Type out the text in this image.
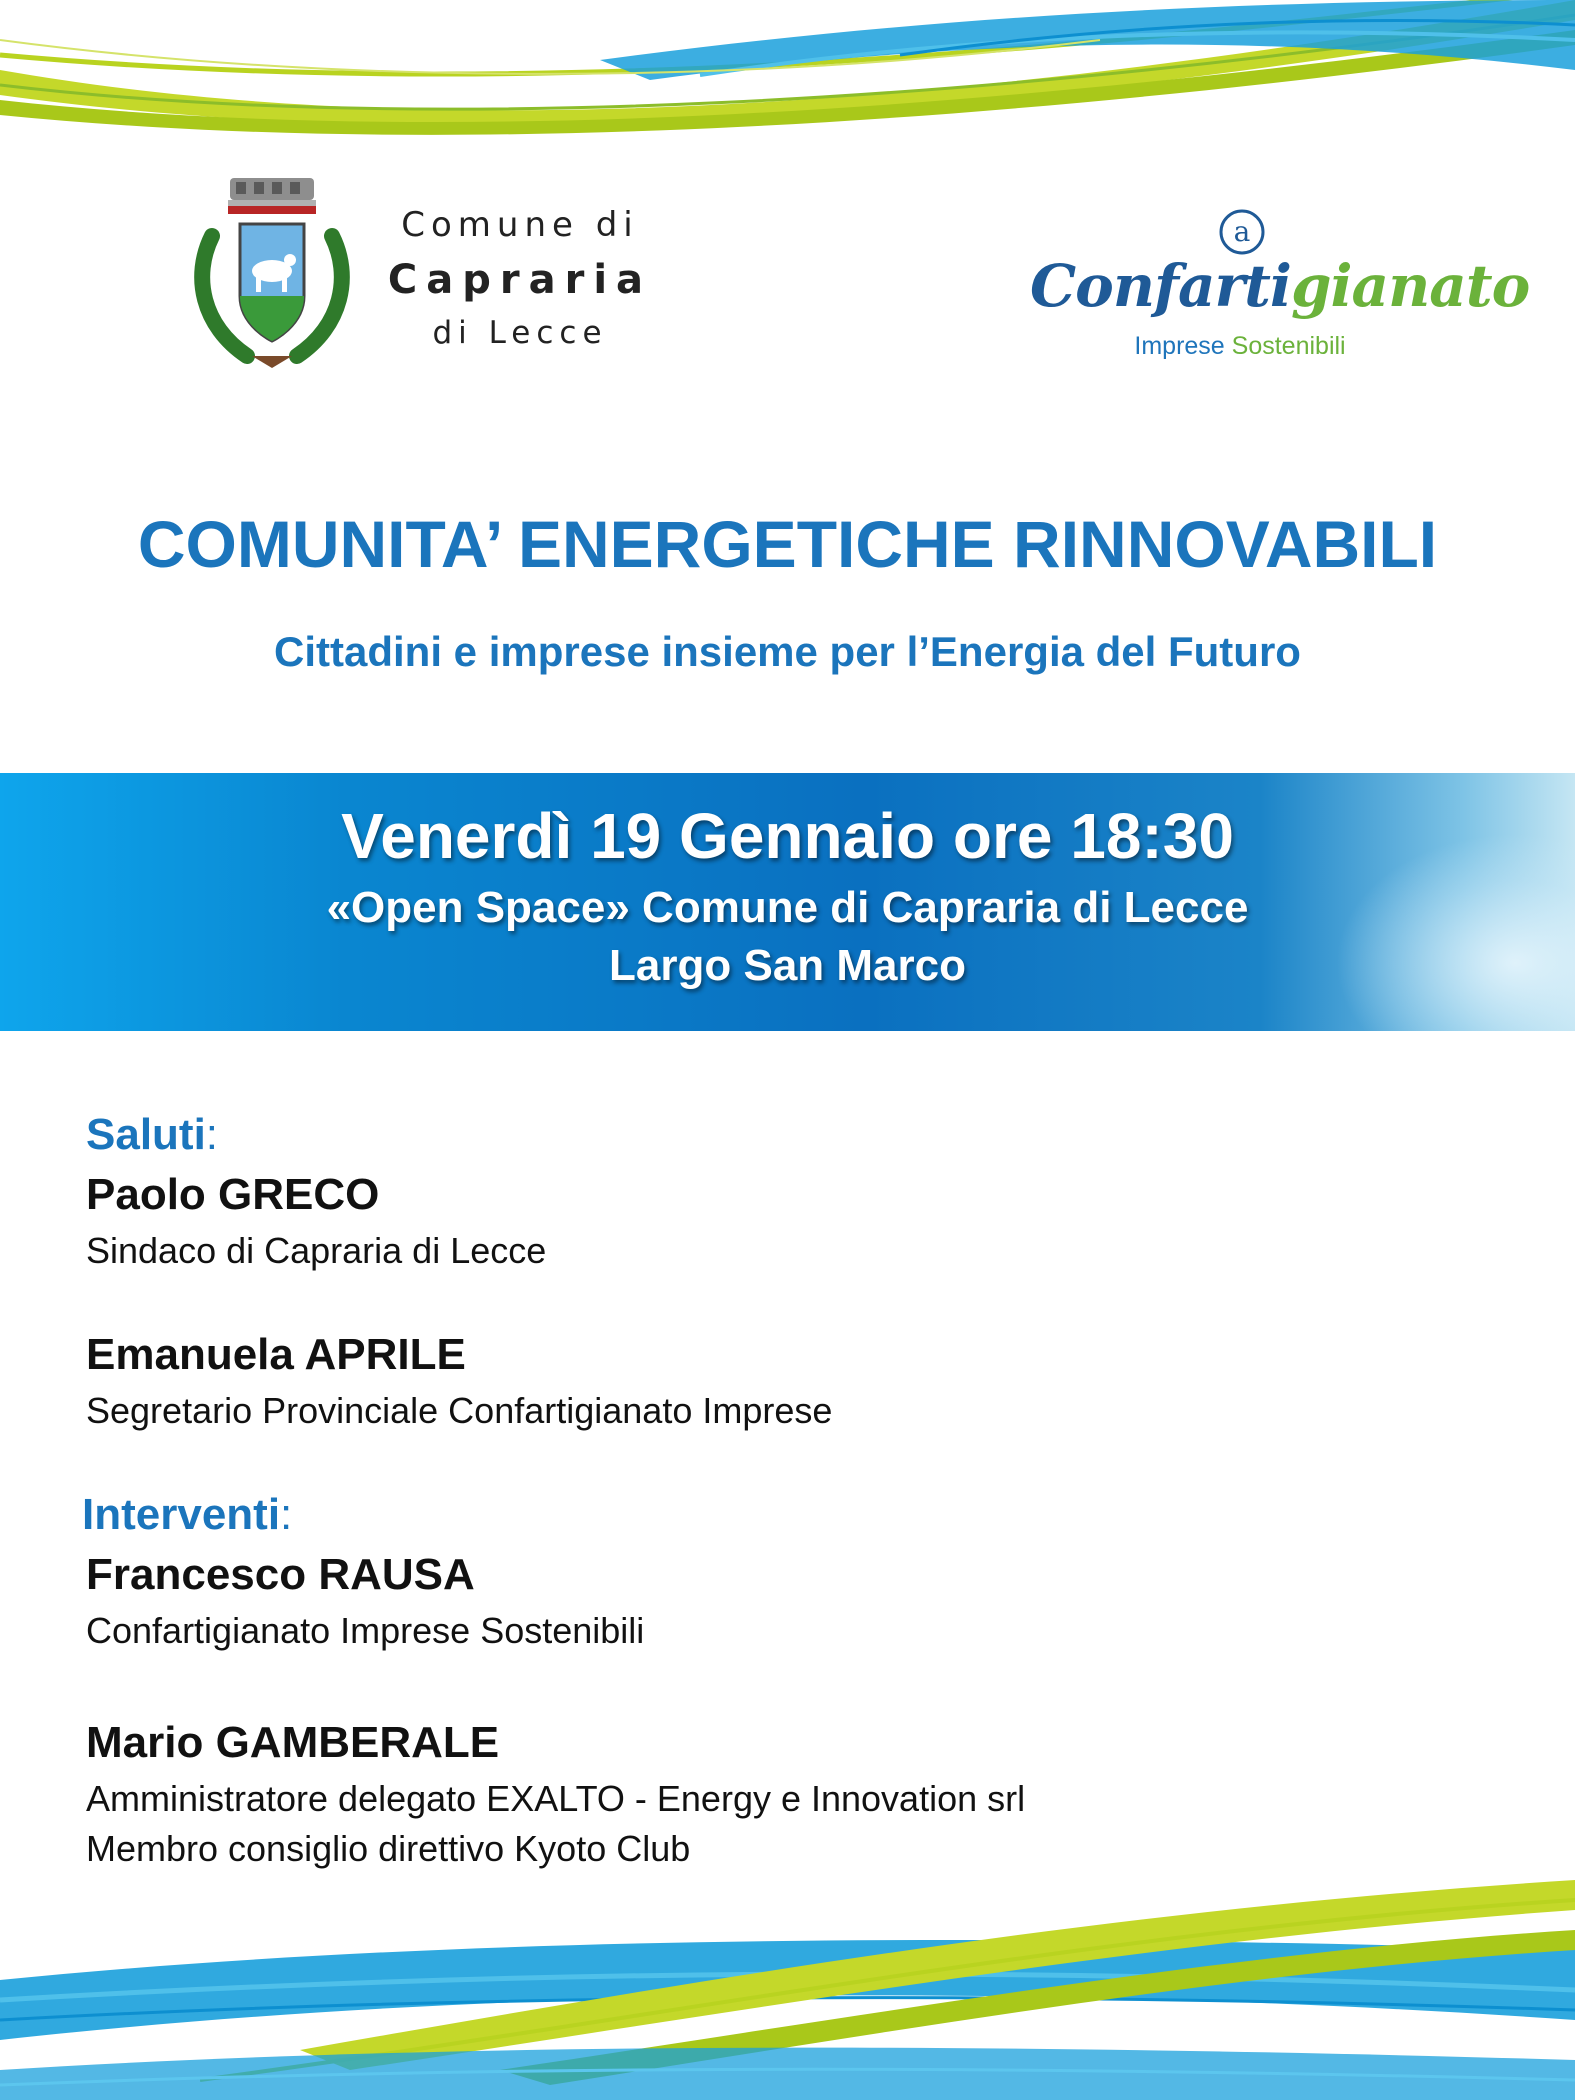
Comune di
Capraria
di Lecce
a
Confartigianato
Imprese Sostenibili
COMUNITA’ ENERGETICHE RINNOVABILI
Cittadini e imprese insieme per l’Energia del Futuro
Venerdì 19 Gennaio ore 18:30
«Open Space» Comune di Capraria di Lecce
Largo San Marco
Saluti:
Paolo GRECO
Sindaco di Capraria di Lecce
Emanuela APRILE
Segretario Provinciale Confartigianato Imprese
Interventi:
Francesco RAUSA
Confartigianato Imprese Sostenibili
Mario GAMBERALE
Amministratore delegato EXALTO - Energy e Innovation srl
Membro consiglio direttivo Kyoto Club
